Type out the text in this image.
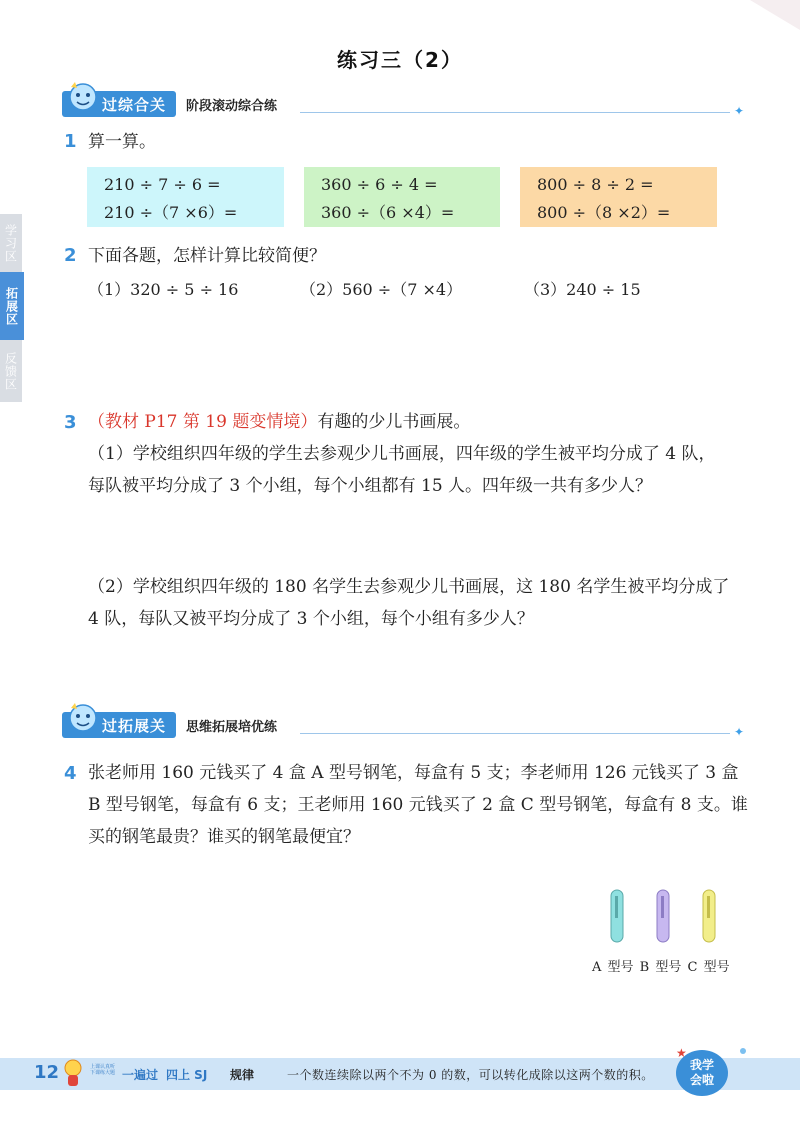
练习三（2）
过综合关 阶段滚动综合练	✦
学习区
拓展区
反馈区
1 算一算。
210 ÷ 7 ÷ 6 =
210 ÷（7 ×6）=
360 ÷ 6 ÷ 4 =
360 ÷（6 ×4）=
800 ÷ 8 ÷ 2 =
800 ÷（8 ×2）=
2 下面各题，怎样计算比较简便？
（1）320 ÷ 5 ÷ 16	（2）560 ÷（7 ×4）	（3）240 ÷ 15
3 （教材 P17 第 19 题变情境）有趣的少儿书画展。
（1）学校组织四年级的学生去参观少儿书画展，四年级的学生被平均分成了 4 队，
每队被平均分成了 3 个小组，每个小组都有 15 人。四年级一共有多少人？
（2）学校组织四年级的 180 名学生去参观少儿书画展，这 180 名学生被平均分成了
4 队，每队又被平均分成了 3 个小组，每个小组有多少人？
过拓展关 思维拓展培优练	✦
4 张老师用 160 元钱买了 4 盒 A 型号钢笔，每盒有 5 支；李老师用 126 元钱买了 3 盒
B 型号钢笔，每盒有 6 支；王老师用 160 元钱买了 2 盒 C 型号钢笔，每盒有 8 支。谁
买的钢笔最贵？谁买的钢笔最便宜？
A 型号 B 型号 C 型号
12	上课认真听
下课练大题 一遍过 四上 SJ 规律	一个数连续除以两个不为 0 的数，可以转化成除以这两个数的积。
我学
会啦
★
